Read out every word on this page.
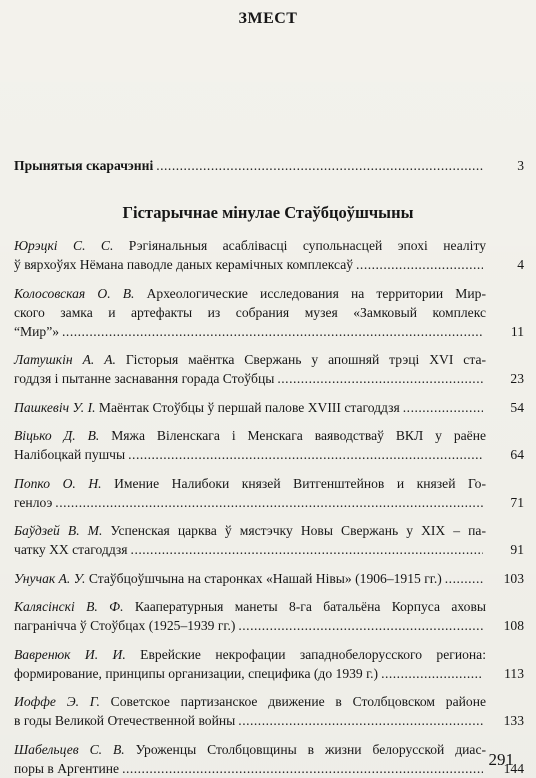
ЗМЕСТ
Прынятыя скарачэнні .....	3
Гістарычнае мінулае Стаўбцоўшчыны
Юрэцкі С. С. Рэгіянальныя асаблівасці супольнасцей эпохі неаліту
ў вярхоўях Нёмана паводле даных керамічных комплексаў .....	4
Колосовская О. В. Археологические исследования на территории Мир-
ского замка и артефакты из собрания музея «Замковый комплекс
“Мир”» .....	11
Латушкін А. А. Гісторыя маёнтка Свержань у апошняй трэці XVI ста-
годдзя і пытанне заснавання горада Стоўбцы .....	23
Пашкевіч У. І. Маёнтак Стоўбцы ў першай палове XVIII стагоддзя .....	54
Віцько Д. В. Мяжа Віленскага і Менскага ваяводстваў ВКЛ у раёне
Налібоцкай пушчы .....	64
Попко О. Н. Имение Налибоки князей Витгенштейнов и князей Го-
генлоэ .....	71
Баўдзей В. М. Успенская царква ў мястэчку Новы Свержань у XIX – па-
чатку XX стагоддзя .....	91
Унучак А. У. Стаўбцоўшчына на старонках «Нашай Нівы» (1906–1915 гг.) .....	103
Калясінскі В. Ф. Каапературныя манеты 8-га батальёна Корпуса аховы
пагранічча ў Стоўбцах (1925–1939 гг.) .....	108
Вавренюк И. И. Еврейские некрофации западнобелорусского региона:
формирование, принципы организации, специфика (до 1939 г.) .....	113
Иоффе Э. Г. Советское партизанское движение в Столбцовском районе
в годы Великой Отечественной войны .....	133
Шабельцев С. В. Уроженцы Столбцовщины в жизни белорусской диас-
поры в Аргентине .....	144
291
